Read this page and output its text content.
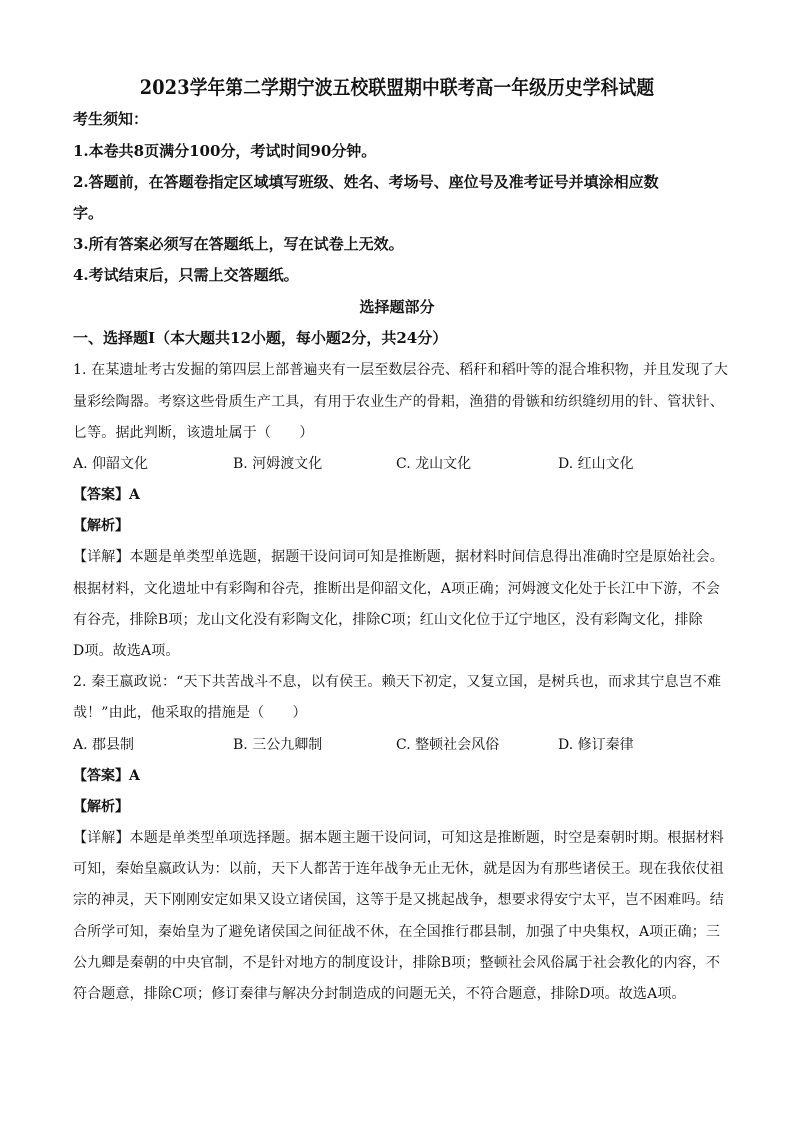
2023学年第二学期宁波五校联盟期中联考高一年级历史学科试题
考生须知：
1.本卷共8页满分100分，考试时间90分钟。
2.答题前，在答题卷指定区域填写班级、姓名、考场号、座位号及准考证号并填涂相应数
字。
3.所有答案必须写在答题纸上，写在试卷上无效。
4.考试结束后，只需上交答题纸。
选择题部分
一、选择题Ⅰ（本大题共12小题，每小题2分，共24分）
1. 在某遗址考古发掘的第四层上部普遍夹有一层至数层谷壳、稻秆和稻叶等的混合堆积物，并且发现了大
量彩绘陶器。考察这些骨质生产工具，有用于农业生产的骨耜，渔猎的骨镞和纺织缝纫用的针、管状针、
匕等。据此判断，该遗址属于（　　）
A. 仰韶文化	B. 河姆渡文化	C. 龙山文化	D. 红山文化
【答案】A
【解析】
【详解】本题是单类型单选题，据题干设问词可知是推断题，据材料时间信息得出准确时空是原始社会。
根据材料，文化遗址中有彩陶和谷壳，推断出是仰韶文化，A项正确；河姆渡文化处于长江中下游，不会
有谷壳，排除B项；龙山文化没有彩陶文化，排除C项；红山文化位于辽宁地区，没有彩陶文化，排除
D项。故选A项。
2. 秦王嬴政说：“天下共苦战斗不息，以有侯王。赖天下初定，又复立国，是树兵也，而求其宁息岂不难
哉！”由此，他采取的措施是（　　）
A. 郡县制	B. 三公九卿制	C. 整顿社会风俗	D. 修订秦律
【答案】A
【解析】
【详解】本题是单类型单项选择题。据本题主题干设问词，可知这是推断题，时空是秦朝时期。根据材料
可知，秦始皇嬴政认为：以前，天下人都苦于连年战争无止无休，就是因为有那些诸侯王。现在我依仗祖
宗的神灵，天下刚刚安定如果又设立诸侯国，这等于是又挑起战争，想要求得安宁太平，岂不困难吗。结
合所学可知，秦始皇为了避免诸侯国之间征战不休，在全国推行郡县制，加强了中央集权，A项正确；三
公九卿是秦朝的中央官制，不是针对地方的制度设计，排除B项；整顿社会风俗属于社会教化的内容，不
符合题意，排除C项；修订秦律与解决分封制造成的问题无关，不符合题意，排除D项。故选A项。
